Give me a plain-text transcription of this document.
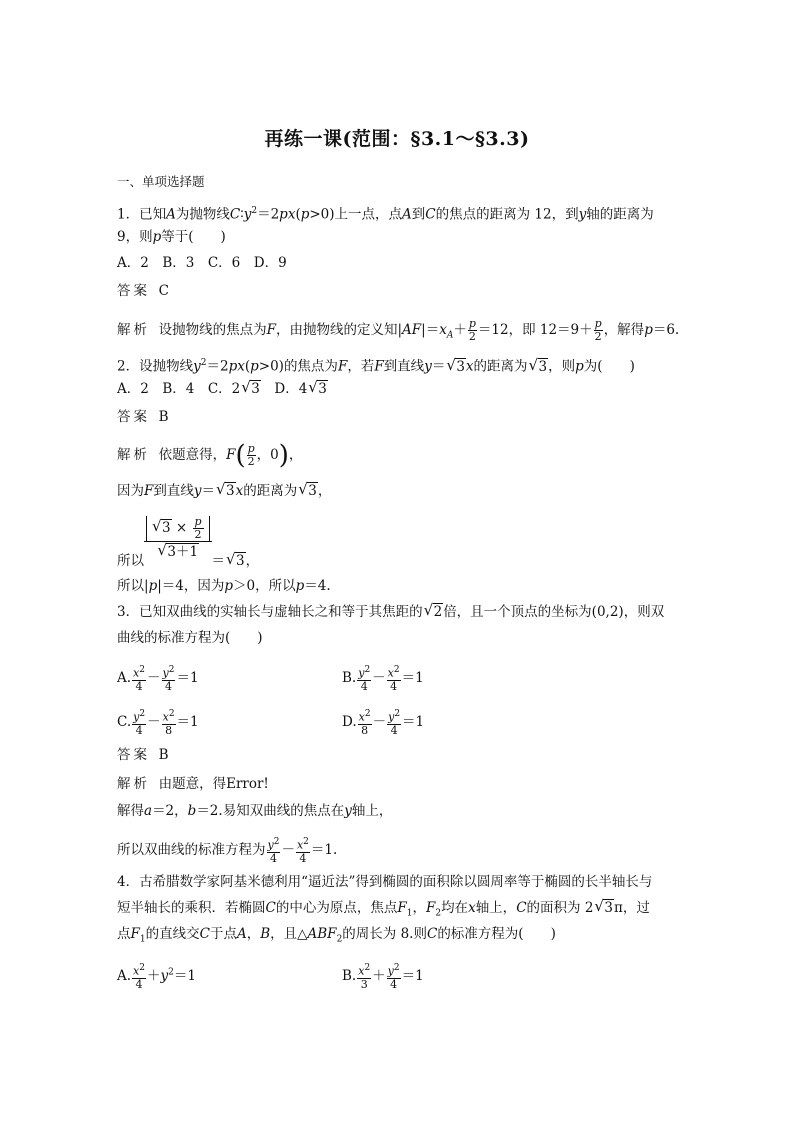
再练一课(范围：§3.1～§3.3)
一、单项选择题
1．已知A为抛物线$C∶y^2=2px(p>0)$上一点，点A到C的焦点的距离为 12，到y轴的距离为
9，则p等于(　　)
A．2　B．3　C．6　D．9
答案 C
解析 设抛物线的焦点为F，由抛物线的定义知$|AF|=x_A+ \frac{p}{2} =12$，即 $12=9+ \frac{p}{2}$ ，解得p＝6.
2．设抛物线$y^2=2px(p>0)$的焦点为F，若F到直线y＝ √ 3x的距离为 √ 3，则p为(　　)
A．2　B．4　C．2 √ 3　D．4 √ 3
答案 B
解析 依题意得，$F( \frac{p}{2}$ ，0)，
因为F到直线y＝ √ 3x的距离为 √ 3，
所以 $\frac{√ 3 \times \frac{p}{2}}{√ 3+1}=$ √ 3，
所以|p|＝4，因为p＞0，所以p＝4.
3．已知双曲线的实轴长与虚轴长之和等于其焦距的 √ 2倍，且一个顶点的坐标为(0,2)，则双
曲线的标准方程为(　　)
A. $\frac{x^2}{4} - \frac{y^2}{4} =1$	B. $\frac{y^2}{4} - \frac{x^2}{4} =1$
C. $\frac{y^2}{4} - \frac{x^2}{8} =1$	D. $\frac{x^2}{8} - \frac{y^2}{4} =1$
答案 B
解析 由题意，得Error!
解得a＝2，b＝2.易知双曲线的焦点在y轴上，
所以双曲线的标准方程为 $\frac{y^2}{4} - \frac{x^2}{4} =1$.
4．古希腊数学家阿基米德利用“逼近法”得到椭圆的面积除以圆周率等于椭圆的长半轴长与
短半轴长的乘积．若椭圆C的中心为原点，焦点$F_1$，$F_2$均在x轴上，C的面积为 2 √ 3π，过
点$F_1$的直线交C于点A，B，且$\triangle ABF_2$的周长为 8.则C的标准方程为(　　)
A. $\frac{x^2}{4} +y^2=1$	B. $\frac{x^2}{3} + \frac{y^2}{4} =1$
